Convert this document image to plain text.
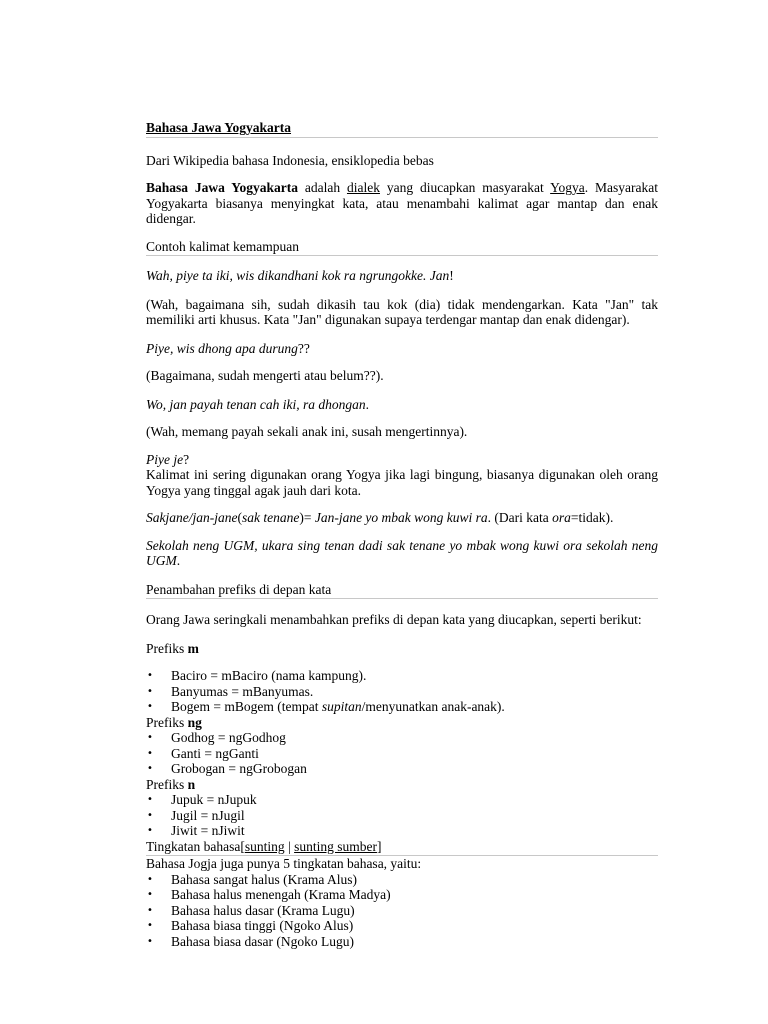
Bahasa Jawa Yogyakarta

Dari Wikipedia bahasa Indonesia, ensiklopedia bebas

Bahasa Jawa Yogyakarta adalah dialek yang diucapkan masyarakat Yogya. Masyarakat Yogyakarta biasanya menyingkat kata, atau menambahi kalimat agar mantap dan enak didengar.

Contoh kalimat kemampuan

Wah, piye ta iki, wis dikandhani kok ra ngrungokke. Jan!

(Wah, bagaimana sih, sudah dikasih tau kok (dia) tidak mendengarkan. Kata "Jan" tak memiliki arti khusus. Kata "Jan" digunakan supaya terdengar mantap dan enak didengar).

Piye, wis dhong apa durung??

(Bagaimana, sudah mengerti atau belum??).

Wo, jan payah tenan cah iki, ra dhongan.

(Wah, memang payah sekali anak ini, susah mengertinnya).

Piye je?

Kalimat ini sering digunakan orang Yogya jika lagi bingung, biasanya digunakan oleh orang Yogya yang tinggal agak jauh dari kota.

Sakjane/jan-jane(sak tenane)= Jan-jane yo mbak wong kuwi ra. (Dari kata ora=tidak).

Sekolah neng UGM, ukara sing tenan dadi sak tenane yo mbak wong kuwi ora sekolah neng UGM.

Penambahan prefiks di depan kata

Orang Jawa seringkali menambahkan prefiks di depan kata yang diucapkan, seperti berikut:

Prefiks m

• Baciro = mBaciro (nama kampung).
• Banyumas = mBanyumas.
• Bogem = mBogem (tempat supitan/menyunatkan anak-anak).

Prefiks ng

• Godhog = ngGodhog
• Ganti = ngGanti
• Grobogan = ngGrobogan

Prefiks n

• Jupuk = nJupuk
• Jugil = nJugil
• Jiwit = nJiwit

Tingkatan bahasa[sunting | sunting sumber]

Bahasa Jogja juga punya 5 tingkatan bahasa, yaitu:

• Bahasa sangat halus (Krama Alus)
• Bahasa halus menengah (Krama Madya)
• Bahasa halus dasar (Krama Lugu)
• Bahasa biasa tinggi (Ngoko Alus)
• Bahasa biasa dasar (Ngoko Lugu)
